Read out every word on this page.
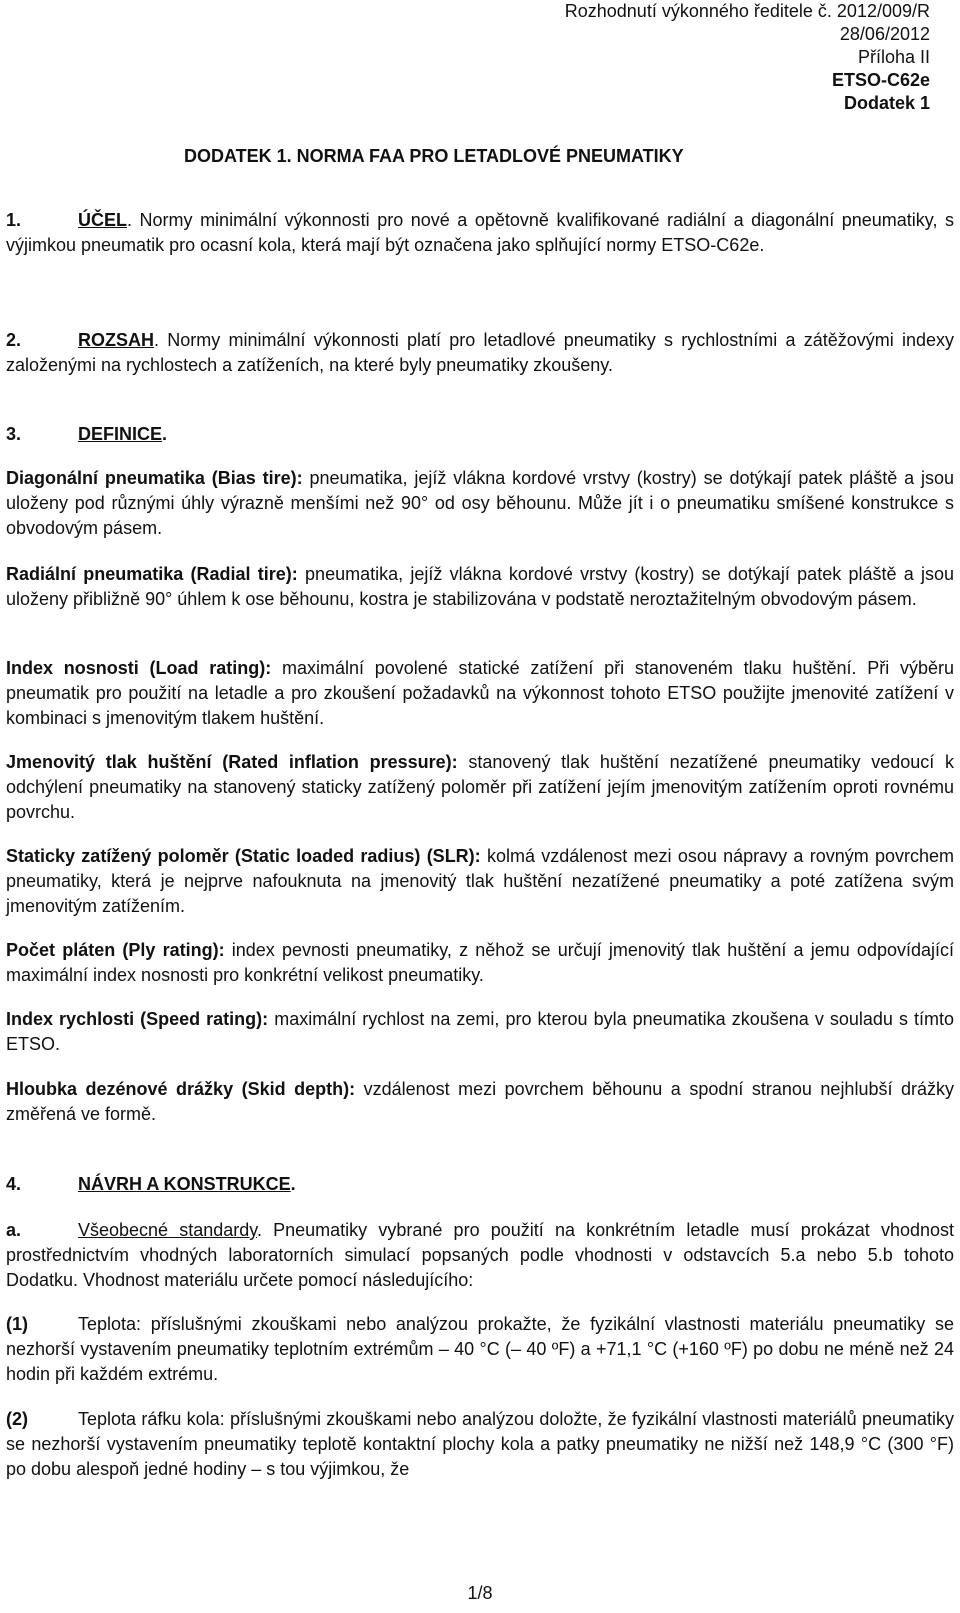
Rozhodnutí výkonného ředitele č. 2012/009/R
28/06/2012
Příloha II
ETSO-C62e
Dodatek 1
DODATEK 1. NORMA FAA PRO LETADLOVÉ PNEUMATIKY

1.	ÚČEL. Normy minimální výkonnosti pro nové a opětovně kvalifikované radiální a diagonální pneumatiky, s výjimkou pneumatik pro ocasní kola, která mají být označena jako splňující normy ETSO-C62e.

2.	ROZSAH. Normy minimální výkonnosti platí pro letadlové pneumatiky s rychlostními a zátěžovými indexy založenými na rychlostech a zatíženích, na které byly pneumatiky zkoušeny.

3.	DEFINICE.

Diagonální pneumatika (Bias tire): pneumatika, jejíž vlákna kordové vrstvy (kostry) se dotýkají patek pláště a jsou uloženy pod různými úhly výrazně menšími než 90° od osy běhounu. Může jít i o pneumatiku smíšené konstrukce s obvodovým pásem.

Radiální pneumatika (Radial tire): pneumatika, jejíž vlákna kordové vrstvy (kostry) se dotýkají patek pláště a jsou uloženy přibližně 90° úhlem k ose běhounu, kostra je stabilizována v podstatě neroztažitelným obvodovým pásem.

Index nosnosti (Load rating): maximální povolené statické zatížení při stanoveném tlaku huštění. Při výběru pneumatik pro použití na letadle a pro zkoušení požadavků na výkonnost tohoto ETSO použijte jmenovité zatížení v kombinaci s jmenovitým tlakem huštění.

Jmenovitý tlak huštění (Rated inflation pressure): stanovený tlak huštění nezatížené pneumatiky vedoucí k odchýlení pneumatiky na stanovený staticky zatížený poloměr při zatížení jejím jmenovitým zatížením oproti rovnému povrchu.

Staticky zatížený poloměr (Static loaded radius) (SLR): kolmá vzdálenost mezi osou nápravy a rovným povrchem pneumatiky, která je nejprve nafouknuta na jmenovitý tlak huštění nezatížené pneumatiky a poté zatížena svým jmenovitým zatížením.

Počet pláten (Ply rating): index pevnosti pneumatiky, z něhož se určují jmenovitý tlak huštění a jemu odpovídající maximální index nosnosti pro konkrétní velikost pneumatiky.

Index rychlosti (Speed rating): maximální rychlost na zemi, pro kterou byla pneumatika zkoušena v souladu s tímto ETSO.

Hloubka dezénové drážky (Skid depth): vzdálenost mezi povrchem běhounu a spodní stranou nejhlubší drážky změřená ve formě.

4.	NÁVRH A KONSTRUKCE.

a.	Všeobecné standardy. Pneumatiky vybrané pro použití na konkrétním letadle musí prokázat vhodnost prostřednictvím vhodných laboratorních simulací popsaných podle vhodnosti v odstavcích 5.a nebo 5.b tohoto Dodatku. Vhodnost materiálu určete pomocí následujícího:

(1)	Teplota: příslušnými zkouškami nebo analýzou prokažte, že fyzikální vlastnosti materiálu pneumatiky se nezhorší vystavením pneumatiky teplotním extrémům – 40 °C (– 40 ºF) a +71,1 °C (+160 ºF) po dobu ne méně než 24 hodin při každém extrému.

(2)	Teplota ráfku kola: příslušnými zkouškami nebo analýzou doložte, že fyzikální vlastnosti materiálů pneumatiky se nezhorší vystavením pneumatiky teplotě kontaktní plochy kola a patky pneumatiky ne nižší než 148,9 °C (300 °F) po dobu alespoň jedné hodiny – s tou výjimkou, že

1/8
